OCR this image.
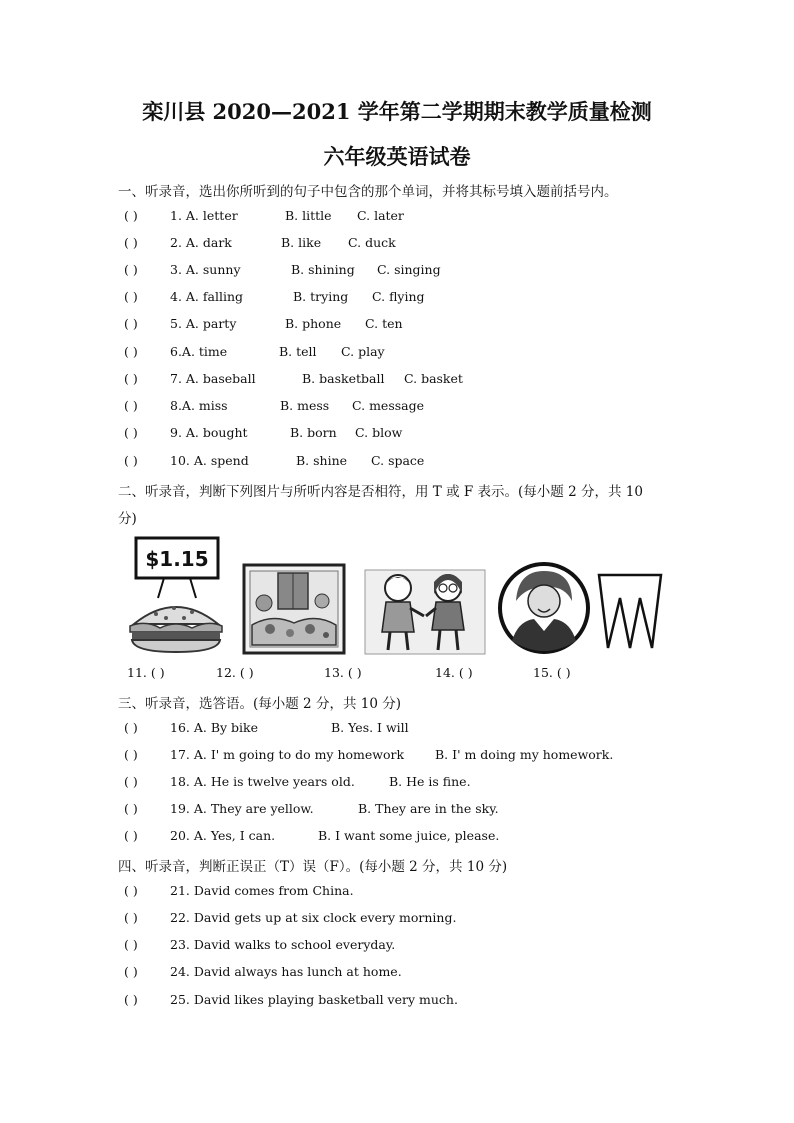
栾川县 2020—2021 学年第二学期期末教学质量检测
六年级英语试卷
一、听录音，选出你所听到的句子中包含的那个单词，并将其标号填入题前括号内。
( )	1. A. letter	B. little C. later
( )	2. A. dark	B. like C. duck
( )	3. A. sunny	B. shining C. singing
( )	4. A. falling	B. trying C. flying
( )	5. A. party	B. phone C. ten
( )	6.A. time	B. tell C. play
( )	7. A. baseball	B. basketball C. basket
( )	8.A. miss	B. mess C. message
( )	9. A. bought	B. born C. blow
( )	10. A. spend	B. shine C. space
二、听录音，判断下列图片与所听内容是否相符，用 T 或 F 表示。(每小题 2 分，共 10
分)
$1.15
11. ( )	12. ( )	13. ( )	14. ( )	15. ( )
三、听录音，选答语。(每小题 2 分，共 10 分)
( )	16. A. By bike	B. Yes. I will
( )	17. A. I' m going to do my homework B. I' m doing my homework.
( )	18. A. He is twelve years old.	B. He is fine.
( )	19. A. They are yellow.	B. They are in the sky.
( )	20. A. Yes, I can.	B. I want some juice, please.
四、听录音，判断正误正（T）误（F）。(每小题 2 分，共 10 分)
( )	21. David comes from China.
( )	22. David gets up at six clock every morning.
( )	23. David walks to school everyday.
( )	24. David always has lunch at home.
( )	25. David likes playing basketball very much.
